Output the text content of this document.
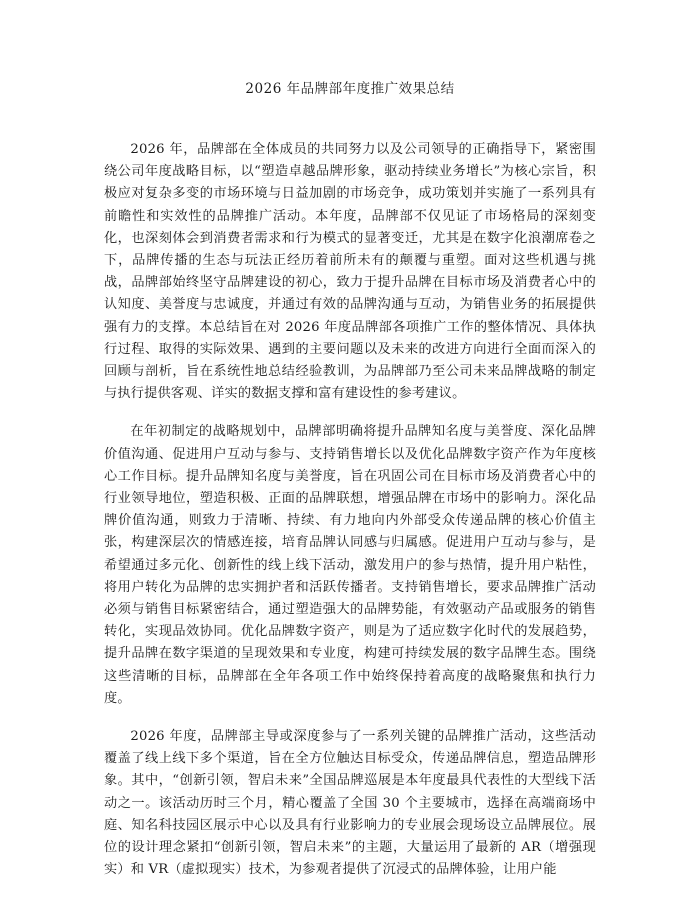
2026 年品牌部年度推广效果总结

2026 年，品牌部在全体成员的共同努力以及公司领导的正确指导下，紧密围绕公司年度战略目标，以“塑造卓越品牌形象，驱动持续业务增长”为核心宗旨，积极应对复杂多变的市场环境与日益加剧的市场竞争，成功策划并实施了一系列具有前瞻性和实效性的品牌推广活动。本年度，品牌部不仅见证了市场格局的深刻变化，也深刻体会到消费者需求和行为模式的显著变迁，尤其是在数字化浪潮席卷之下，品牌传播的生态与玩法正经历着前所未有的颠覆与重塑。面对这些机遇与挑战，品牌部始终坚守品牌建设的初心，致力于提升品牌在目标市场及消费者心中的认知度、美誉度与忠诚度，并通过有效的品牌沟通与互动，为销售业务的拓展提供强有力的支撑。本总结旨在对 2026 年度品牌部各项推广工作的整体情况、具体执行过程、取得的实际效果、遇到的主要问题以及未来的改进方向进行全面而深入的回顾与剖析，旨在系统性地总结经验教训，为品牌部乃至公司未来品牌战略的制定与执行提供客观、详实的数据支撑和富有建设性的参考建议。

在年初制定的战略规划中，品牌部明确将提升品牌知名度与美誉度、深化品牌价值沟通、促进用户互动与参与、支持销售增长以及优化品牌数字资产作为年度核心工作目标。提升品牌知名度与美誉度，旨在巩固公司在目标市场及消费者心中的行业领导地位，塑造积极、正面的品牌联想，增强品牌在市场中的影响力。深化品牌价值沟通，则致力于清晰、持续、有力地向内外部受众传递品牌的核心价值主张，构建深层次的情感连接，培育品牌认同感与归属感。促进用户互动与参与，是希望通过多元化、创新性的线上线下活动，激发用户的参与热情，提升用户粘性，将用户转化为品牌的忠实拥护者和活跃传播者。支持销售增长，要求品牌推广活动必须与销售目标紧密结合，通过塑造强大的品牌势能，有效驱动产品或服务的销售转化，实现品效协同。优化品牌数字资产，则是为了适应数字化时代的发展趋势，提升品牌在数字渠道的呈现效果和专业度，构建可持续发展的数字品牌生态。围绕这些清晰的目标，品牌部在全年各项工作中始终保持着高度的战略聚焦和执行力度。

2026 年度，品牌部主导或深度参与了一系列关键的品牌推广活动，这些活动覆盖了线上线下多个渠道，旨在全方位触达目标受众，传递品牌信息，塑造品牌形象。其中，“创新引领，智启未来”全国品牌巡展是本年度最具代表性的大型线下活动之一。该活动历时三个月，精心覆盖了全国 30 个主要城市，选择在高端商场中庭、知名科技园区展示中心以及具有行业影响力的专业展会现场设立品牌展位。展位的设计理念紧扣“创新引领，智启未来”的主题，大量运用了最新的 AR（增强现实）和 VR（虚拟现实）技术，为参观者提供了沉浸式的品牌体验，让用户能
